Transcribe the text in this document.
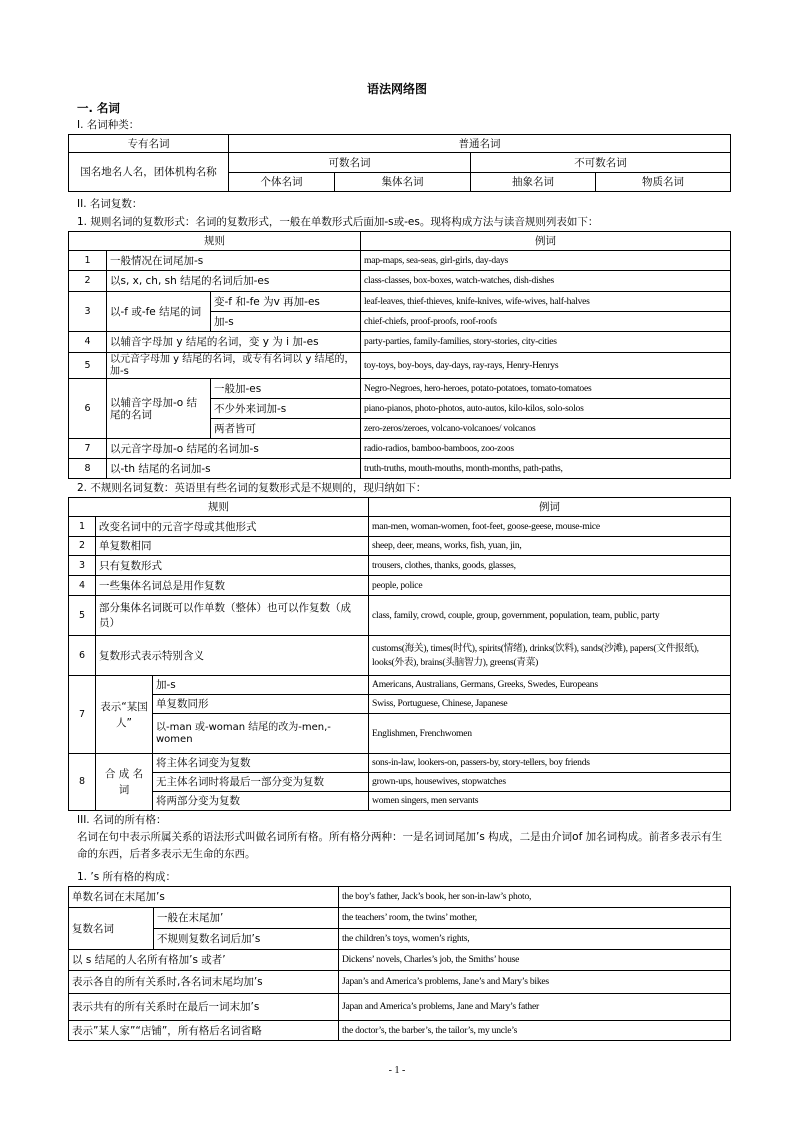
语法网络图
一. 名词
I. 名词种类：
专有名词	普通名词			
国名地名人名，团体机构名称	可数名词		不可数名词	
	个体名词	集体名词	抽象名词	物质名词
II. 名词复数：
1. 规则名词的复数形式：名词的复数形式，一般在单数形式后面加-s或-es。现将构成方法与读音规则列表如下：
规则			例词
1	一般情况在词尾加-s		map-maps, sea-seas, girl-girls, day-days
2	以s, x, ch, sh 结尾的名词后加-es		class-classes, box-boxes, watch-watches, dish-dishes
3	以-f 或-fe 结尾的词	变-f 和-fe 为v 再加-es	leaf-leaves, thief-thieves, knife-knives, wife-wives, half-halves
		加-s	chief-chiefs, proof-proofs, roof-roofs
4	以辅音字母加 y 结尾的名词，变 y 为 i 加-es		party-parties, family-families, story-stories, city-cities
5	以元音字母加 y 结尾的名词，或专有名词以 y 结尾的，加-s		toy-toys, boy-boys, day-days, ray-rays, Henry-Henrys
6	以辅音字母加-o 结尾的名词	一般加-es	Negro-Negroes, hero-heroes, potato-potatoes, tomato-tomatoes
		不少外来词加-s	piano-pianos, photo-photos, auto-autos, kilo-kilos, solo-solos
		两者皆可	zero-zeros/zeroes, volcano-volcanoes/ volcanos
7	以元音字母加-o 结尾的名词加-s		radio-radios, bamboo-bamboos, zoo-zoos
8	以-th 结尾的名词加-s		truth-truths, mouth-mouths, month-months, path-paths,
2. 不规则名词复数：英语里有些名词的复数形式是不规则的，现归纳如下：
规则			例词
1	改变名词中的元音字母或其他形式		man-men, woman-women, foot-feet, goose-geese, mouse-mice
2	单复数相同		sheep, deer, means, works, fish, yuan, jin,
3	只有复数形式		trousers, clothes, thanks, goods, glasses,
4	一些集体名词总是用作复数		people, police
5	部分集体名词既可以作单数（整体）也可以作复数（成员）		class, family, crowd, couple, group, government, population, team, public, party
6	复数形式表示特别含义		customs(海关), times(时代), spirits(情绪), drinks(饮料), sands(沙滩), papers(文件报纸), looks(外表), brains(头脑智力), greens(青菜)
7	表示“某国人”	加-s	Americans, Australians, Germans, Greeks, Swedes, Europeans
		单复数同形	Swiss, Portuguese, Chinese, Japanese
		以-man 或-woman 结尾的改为-men,-women	Englishmen, Frenchwomen
8	合 成 名 词	将主体名词变为复数	sons-in-law, lookers-on, passers-by, story-tellers, boy friends
		无主体名词时将最后一部分变为复数	grown-ups, housewives, stopwatches
		将两部分变为复数	women singers, men servants
III. 名词的所有格：
名词在句中表示所属关系的语法形式叫做名词所有格。所有格分两种：一是名词词尾加’s 构成，二是由介词of 加名词构成。前者多表示有生命的东西，后者多表示无生命的东西。
1. ’s 所有格的构成：
单数名词在末尾加’s		the boy’s father, Jack’s book, her son-in-law’s photo,
复数名词	一般在末尾加’	the teachers’ room, the twins’ mother,
	不规则复数名词后加’s	the children’s toys, women’s rights,
以 s 结尾的人名所有格加’s 或者’		Dickens’ novels, Charles’s job, the Smiths’ house
表示各自的所有关系时,各名词末尾均加’s		Japan’s and America’s problems, Jane’s and Mary’s bikes
表示共有的所有关系时在最后一词末加’s		Japan and America’s problems, Jane and Mary’s father
表示”某人家”“店铺”，所有格后名词省略		the doctor’s, the barber’s, the tailor’s, my uncle’s
- 1 -
